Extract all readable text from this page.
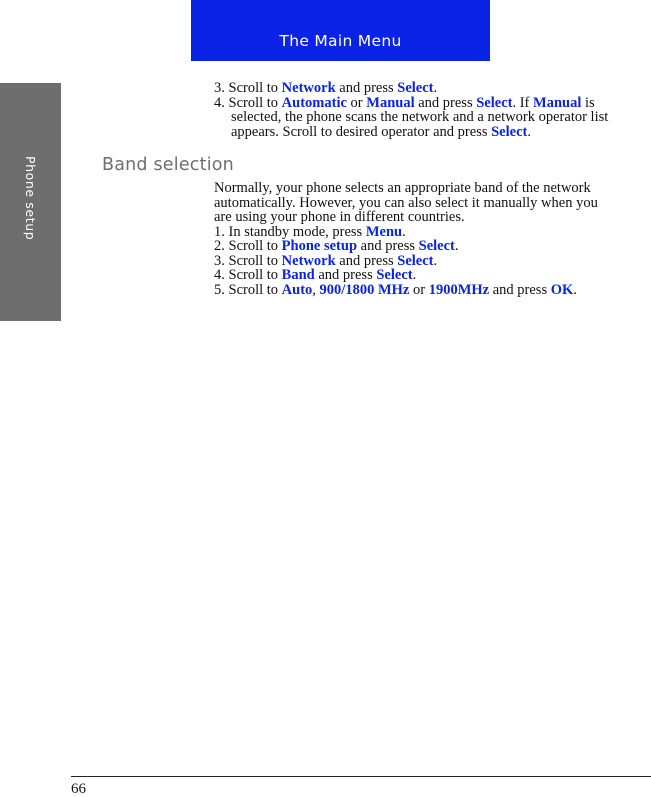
The Main Menu
Phone setup

3. Scroll to Network and press Select.

4. Scroll to Automatic or Manual and press Select. If Manual is selected, the phone scans the network and a network operator list appears. Scroll to desired operator and press Select.

Band selection

Normally, your phone selects an appropriate band of the network automatically. However, you can also select it manually when you are using your phone in different countries.

1. In standby mode, press Menu.

2. Scroll to Phone setup and press Select.

3. Scroll to Network and press Select.

4. Scroll to Band and press Select.

5. Scroll to Auto, 900/1800 MHz or 1900MHz and press OK.

66
